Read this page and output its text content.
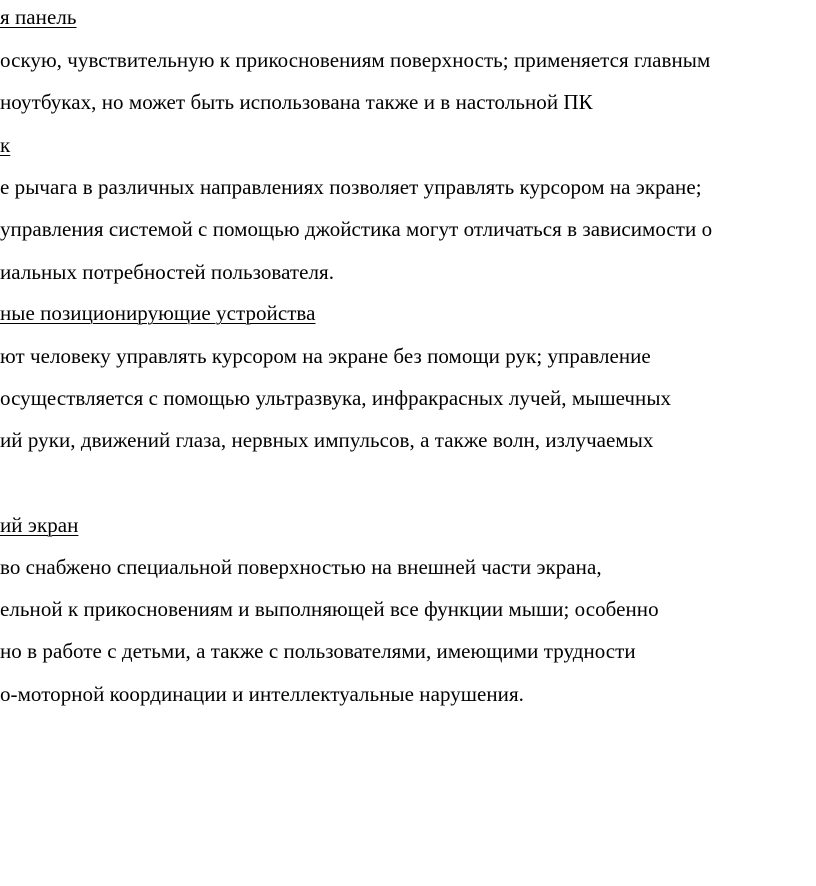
я панель
оскую, чувствительную к прикосновениям поверхность; применяется главным
ноутбуках, но может быть использована также и в настольной ПК
к
е рычага в различных направлениях позволяет управлять курсором на экране;
управления системой с помощью джойстика могут отличаться в зависимости о
иальных потребностей пользователя.
ные позиционирующие устройства
ют человеку управлять курсором на экране без помощи рук; управление
осуществляется с помощью ультразвука, инфракрасных лучей, мышечных
ий руки, движений глаза, нервных импульсов, а также волн, излучаемых
ий экран
во снабжено специальной поверхностью на внешней части экрана,
ельной к прикосновениям и выполняющей все функции мыши; особенно
но в работе с детьми, а также с пользователями, имеющими трудности
о-моторной координации и интеллектуальные нарушения.
